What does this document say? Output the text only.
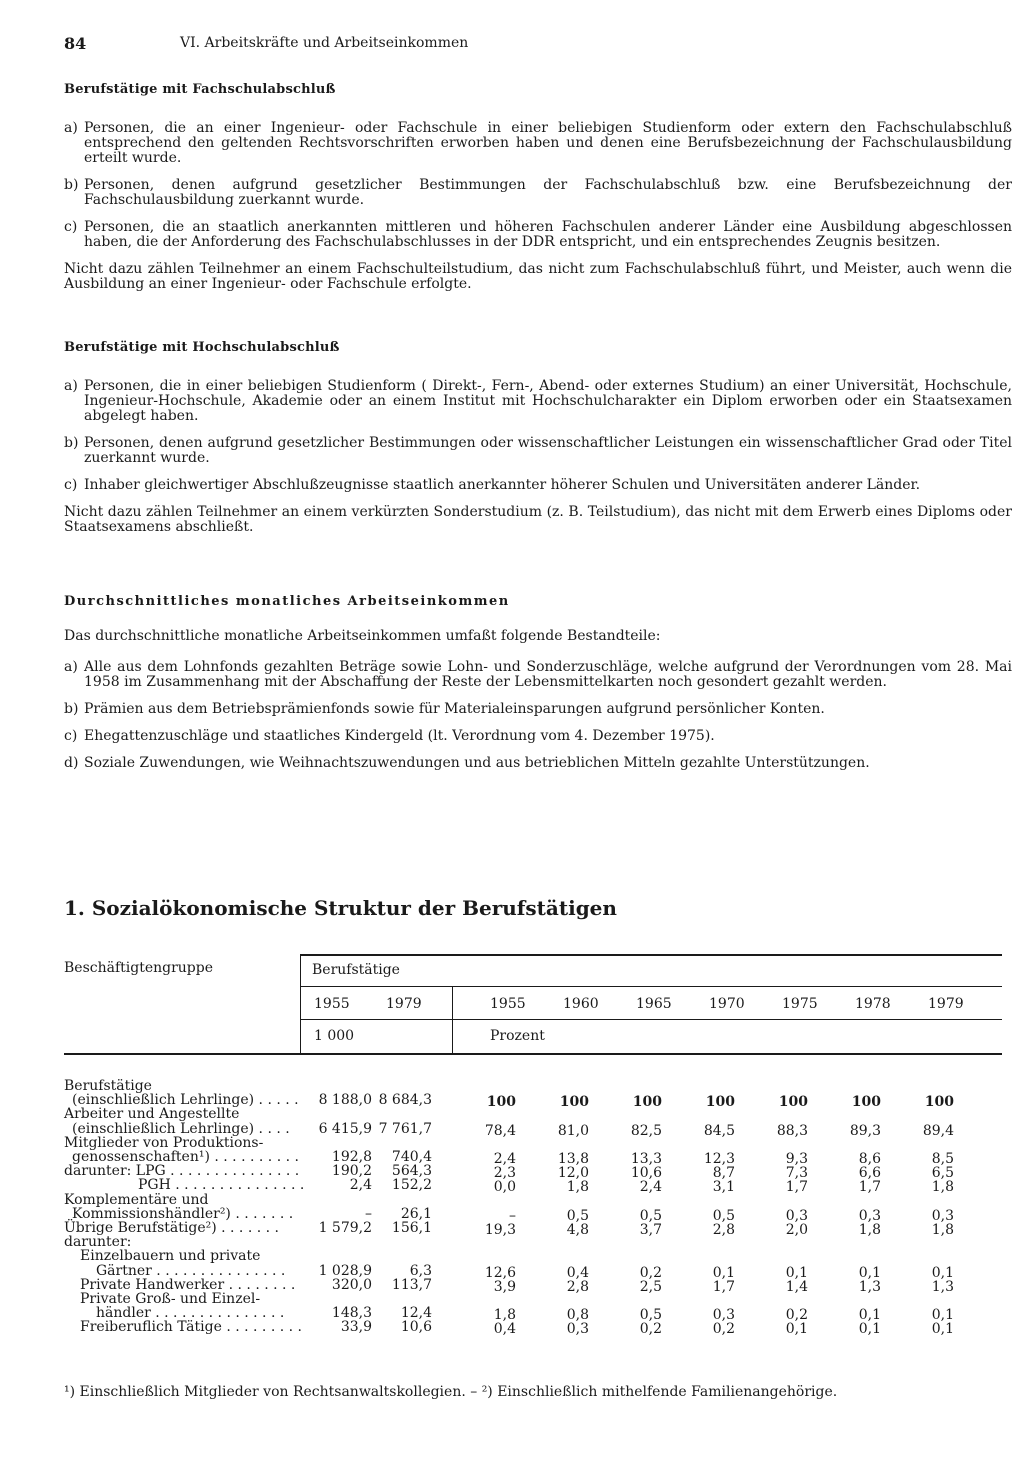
84	VI. Arbeitskräfte und Arbeitseinkommen
Berufstätige mit Fachschulabschluß
a) Personen, die an einer Ingenieur- oder Fachschule in einer beliebigen Studienform oder extern den Fachschulabschluß entsprechend den geltenden Rechtsvorschriften erworben haben und denen eine Berufsbezeichnung der Fachschulausbildung erteilt wurde.
b) Personen, denen aufgrund gesetzlicher Bestimmungen der Fachschulabschluß bzw. eine Berufsbezeichnung der Fachschulausbildung zuerkannt wurde.
c) Personen, die an staatlich anerkannten mittleren und höheren Fachschulen anderer Länder eine Ausbildung abgeschlossen haben, die der Anforderung des Fachschulabschlusses in der DDR entspricht, und ein entsprechendes Zeugnis besitzen.
Nicht dazu zählen Teilnehmer an einem Fachschulteilstudium, das nicht zum Fachschulabschluß führt, und Meister, auch wenn die Ausbildung an einer Ingenieur- oder Fachschule erfolgte.
Berufstätige mit Hochschulabschluß
a) Personen, die in einer beliebigen Studienform ( Direkt-, Fern-, Abend- oder externes Studium) an einer Universität, Hochschule, Ingenieur-Hochschule, Akademie oder an einem Institut mit Hochschulcharakter ein Diplom erworben oder ein Staatsexamen abgelegt haben.
b) Personen, denen aufgrund gesetzlicher Bestimmungen oder wissenschaftlicher Leistungen ein wissenschaftlicher Grad oder Titel zuerkannt wurde.
c) Inhaber gleichwertiger Abschlußzeugnisse staatlich anerkannter höherer Schulen und Universitäten anderer Länder.
Nicht dazu zählen Teilnehmer an einem verkürzten Sonderstudium (z. B. Teilstudium), das nicht mit dem Erwerb eines Diploms oder Staatsexamens abschließt.
Durchschnittliches monatliches Arbeitseinkommen
Das durchschnittliche monatliche Arbeitseinkommen umfaßt folgende Bestandteile:
a) Alle aus dem Lohnfonds gezahlten Beträge sowie Lohn- und Sonderzuschläge, welche aufgrund der Verordnungen vom 28. Mai 1958 im Zusammenhang mit der Abschaffung der Reste der Lebensmittelkarten noch gesondert gezahlt werden.
b) Prämien aus dem Betriebsprämienfonds sowie für Materialeinsparungen aufgrund persönlicher Konten.
c) Ehegattenzuschläge und staatliches Kindergeld (lt. Verordnung vom 4. Dezember 1975).
d) Soziale Zuwendungen, wie Weihnachtszuwendungen und aus betrieblichen Mitteln gezahlte Unterstützungen.
1. Sozialökonomische Struktur der Berufstätigen
Beschäftigtengruppe	Berufstätige
1955	1979	1955	1960	1965	1970	1975	1978	1979
1 000	Prozent
Berufstätige
(einschließlich Lehrlinge) . . . . . 8 188,0 8 684,3	100	100	100	100	100	100	100
Arbeiter und Angestellte
(einschließlich Lehrlinge) . . . . 6 415,9 7 761,7	78,4	81,0	82,5	84,5	88,3	89,3	89,4
Mitglieder von Produktions-
genossenschaften¹) . . . . . . . . . . 192,8 740,4	2,4	13,8	13,3	12,3	9,3	8,6	8,5
darunter: LPG . . . . . . . . . . . . . . . 190,2 564,3	2,3	12,0	10,6	8,7	7,3	6,6	6,5
PGH . . . . . . . . . . . . . . .	2,4 152,2	0,0	1,8	2,4	3,1	1,7	1,7	1,8
Komplementäre und
Kommissionshändler²) . . . . . . .	– 26,1	–	0,5	0,5	0,5	0,3	0,3	0,3
Übrige Berufstätige²) . . . . . . .	1 579,2 156,1	19,3	4,8	3,7	2,8	2,0	1,8	1,8
darunter:
Einzelbauern und private
Gärtner . . . . . . . . . . . . . . . 1 028,9	6,3	12,6	0,4	0,2	0,1	0,1	0,1	0,1
Private Handwerker . . . . . . . .	320,0 113,7	3,9	2,8	2,5	1,7	1,4	1,3	1,3
Private Groß- und Einzel-
händler . . . . . . . . . . . . . . .	148,3 12,4	1,8	0,8	0,5	0,3	0,2	0,1	0,1
Freiberuflich Tätige . . . . . . . . .	33,9 10,6	0,4	0,3	0,2	0,2	0,1	0,1	0,1
¹) Einschließlich Mitglieder von Rechtsanwaltskollegien. – ²) Einschließlich mithelfende Familienangehörige.
